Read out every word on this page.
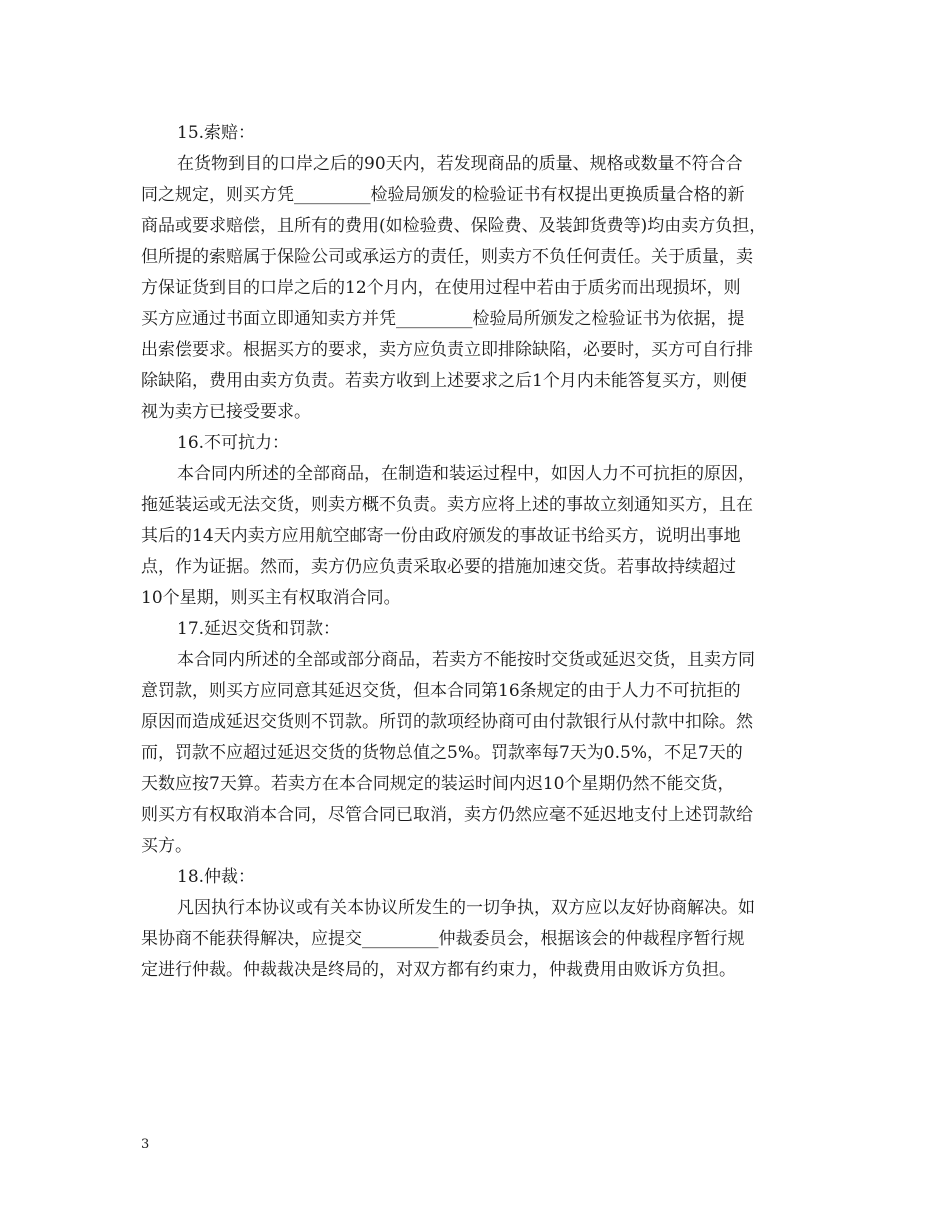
15.索赔：
在货物到目的口岸之后的90天内，若发现商品的质量、规格或数量不符合合
同之规定，则买方凭_________检验局颁发的检验证书有权提出更换质量合格的新
商品或要求赔偿，且所有的费用(如检验费、保险费、及装卸货费等)均由卖方负担，
但所提的索赔属于保险公司或承运方的责任，则卖方不负任何责任。关于质量，卖
方保证货到目的口岸之后的12个月内，在使用过程中若由于质劣而出现损坏，则
买方应通过书面立即通知卖方并凭_________检验局所颁发之检验证书为依据，提
出索偿要求。根据买方的要求，卖方应负责立即排除缺陷，必要时，买方可自行排
除缺陷，费用由卖方负责。若卖方收到上述要求之后1个月内未能答复买方，则便
视为卖方已接受要求。
16.不可抗力：
本合同内所述的全部商品，在制造和装运过程中，如因人力不可抗拒的原因，
拖延装运或无法交货，则卖方概不负责。卖方应将上述的事故立刻通知买方，且在
其后的14天内卖方应用航空邮寄一份由政府颁发的事故证书给买方，说明出事地
点，作为证据。然而，卖方仍应负责采取必要的措施加速交货。若事故持续超过
10个星期，则买主有权取消合同。
17.延迟交货和罚款：
本合同内所述的全部或部分商品，若卖方不能按时交货或延迟交货，且卖方同
意罚款，则买方应同意其延迟交货，但本合同第16条规定的由于人力不可抗拒的
原因而造成延迟交货则不罚款。所罚的款项经协商可由付款银行从付款中扣除。然
而，罚款不应超过延迟交货的货物总值之5%。罚款率每7天为0.5%，不足7天的
天数应按7天算。若卖方在本合同规定的装运时间内迟10个星期仍然不能交货，
则买方有权取消本合同，尽管合同已取消，卖方仍然应毫不延迟地支付上述罚款给
买方。
18.仲裁：
凡因执行本协议或有关本协议所发生的一切争执，双方应以友好协商解决。如
果协商不能获得解决，应提交_________仲裁委员会，根据该会的仲裁程序暂行规
定进行仲裁。仲裁裁决是终局的，对双方都有约束力，仲裁费用由败诉方负担。
3
